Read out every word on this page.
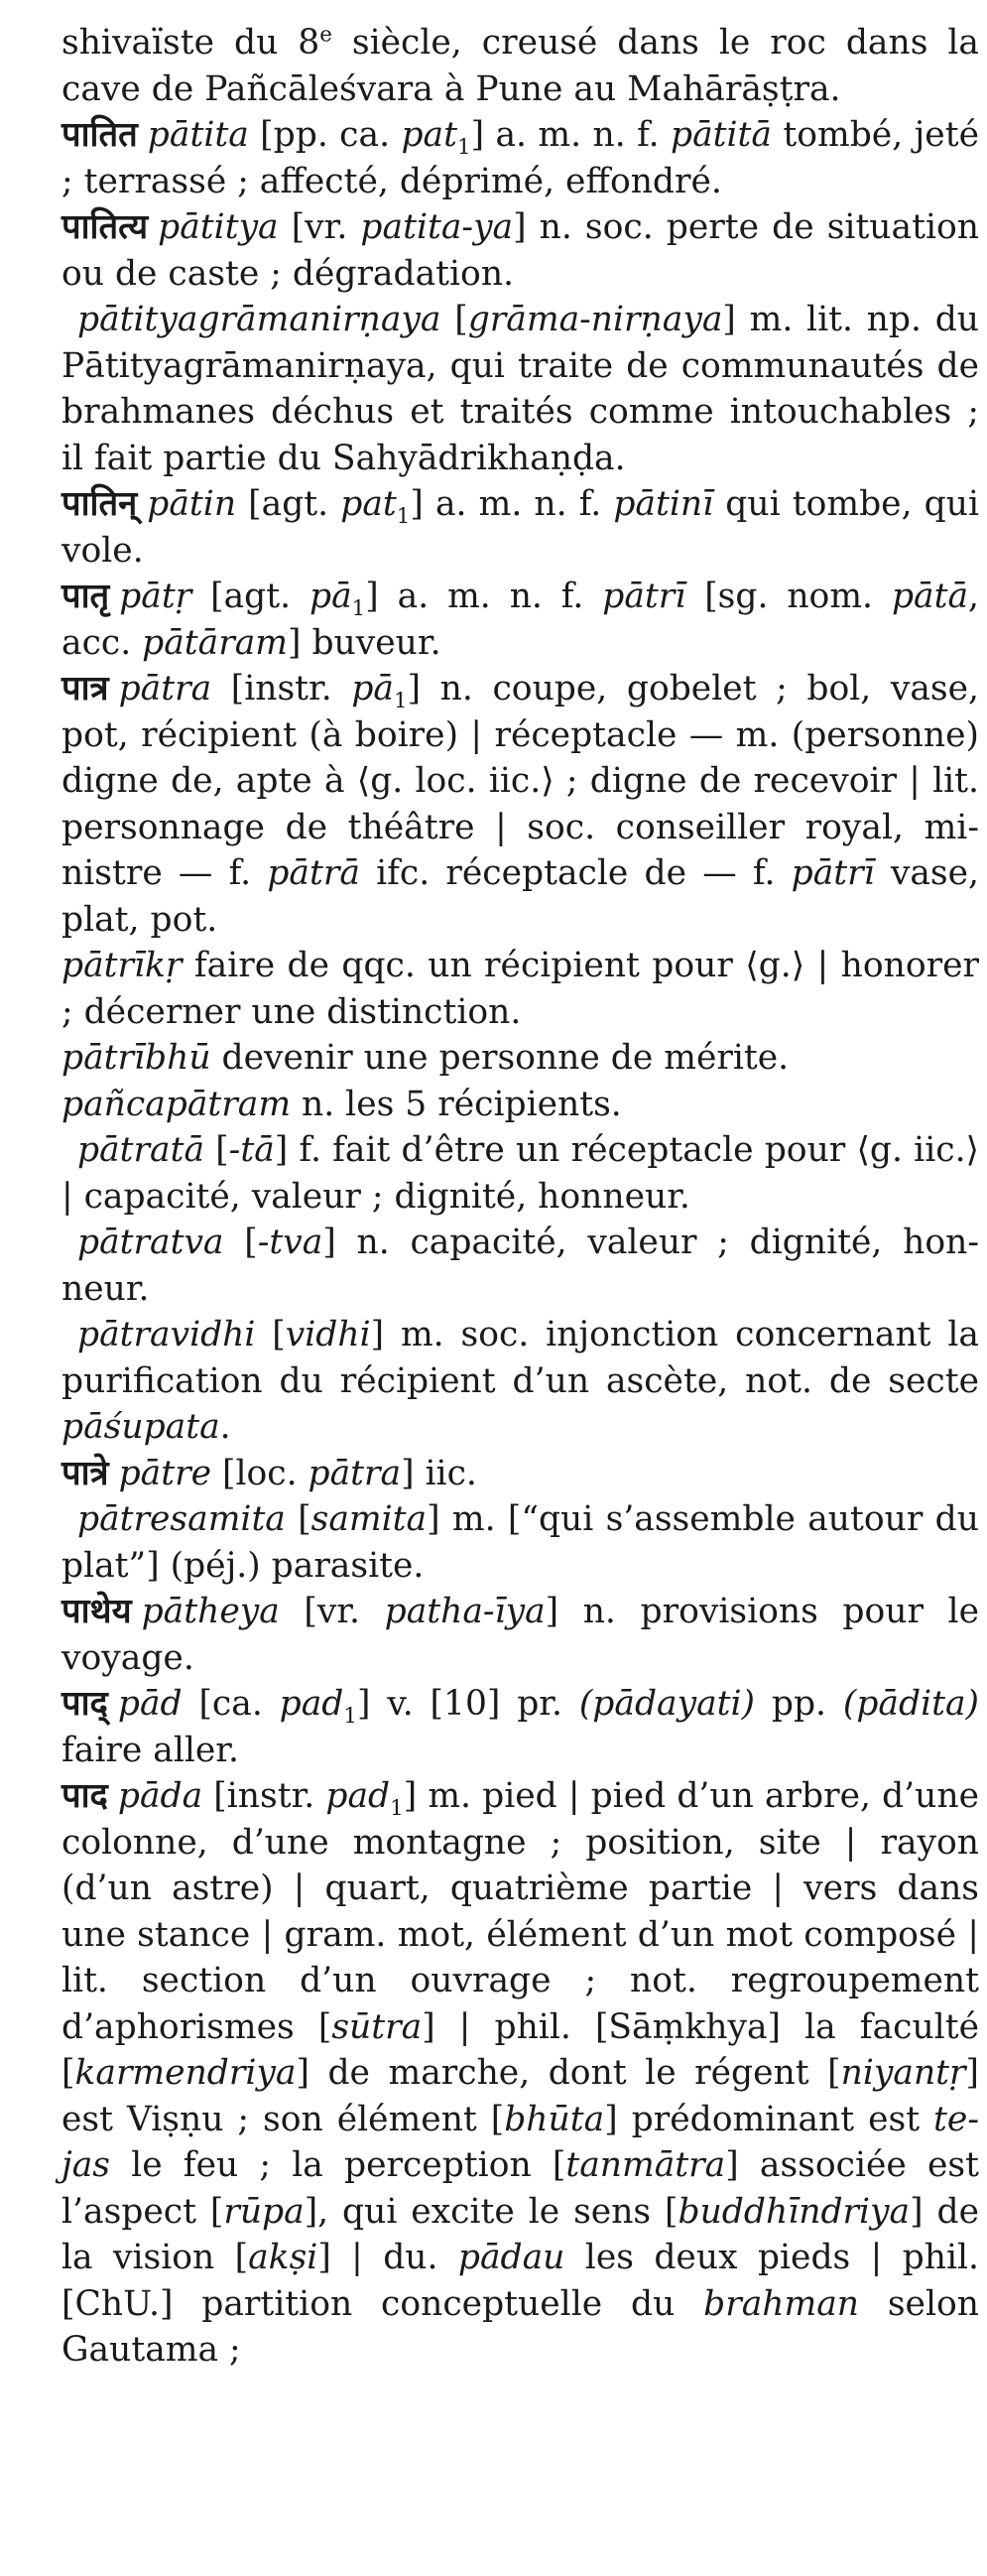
shivaïste du 8e siècle, creusé dans le roc dans la cave de Pañcāleśvara à Pune au Mahārāṣṭra.

पातित pātita [pp. ca. pat$_1$] a. m. n. f. pātitā tombé, jeté ; terrassé ; affecté, déprimé, effondré.

पातित्य pātitya [vr. patita-ya] n. soc. perte de situation ou de caste ; dégradation.

pātityagrāmanirṇaya [grāma-nirṇaya] m. lit. np. du Pātityagrāmanirṇaya, qui traite de communautés de brahmanes déchus et traités comme intouchables ; il fait partie du Sahyādrikhaṇḍa.

पातिन् pātin [agt. pat$_1$] a. m. n. f. pātinī qui tombe, qui vole.

पातृ pātṛ [agt. $pā_1$] a. m. n. f. pātrī [sg. nom. pātā, acc. pātāram] buveur.

पात्र pātra [instr. $pā_1$] n. coupe, gobelet ; bol, vase, pot, récipient (à boire) | réceptacle — m. (personne) digne de, apte à ⟨g. loc. iic.⟩ ; digne de recevoir | lit. personnage de théâtre | soc. conseiller royal, ministre — f. pātrā ifc. réceptacle de — f. pātrī vase, plat, pot.

pātrīkṛ faire de qqc. un récipient pour ⟨g.⟩ | honorer ; décerner une distinction.

pātrībhū devenir une personne de mérite.

pañcapātram n. les 5 récipients.

pātratā [-tā] f. fait d’être un réceptacle pour ⟨g. iic.⟩ | capacité, valeur ; dignité, honneur.

pātratva [-tva] n. capacité, valeur ; dignité, honneur.

pātravidhi [vidhi] m. soc. injonction concernant la purification du récipient d’un ascète, not. de secte pāśupata.

पात्रे pātre [loc. pātra] iic.

pātresamita [samita] m. [“qui s’assemble autour du plat”] (péj.) parasite.

पाथेय pātheya [vr. patha-īya] n. provisions pour le voyage.

पाद् pād [ca. pad$_1$] v. [10] pr. (pādayati) pp. (pādita) faire aller.

पाद pāda [instr. pad$_1$] m. pied | pied d’un arbre, d’une colonne, d’une montagne ; position, site | rayon (d’un astre) | quart, quatrième partie | vers dans une stance | gram. mot, élément d’un mot composé | lit. section d’un ouvrage ; not. regroupement d’aphorismes [sūtra] | phil. [Sāṃkhya] la faculté [karmendriya] de marche, dont le régent [niyantṛ] est Viṣṇu ; son élément [bhūta] prédominant est tejas le feu ; la perception [tanmātra] associée est l’aspect [rūpa], qui excite le sens [buddhīndriya] de la vision [akṣi] | du. pādau les deux pieds | phil. [ChU.] partition conceptuelle du brahman selon Gautama ;
